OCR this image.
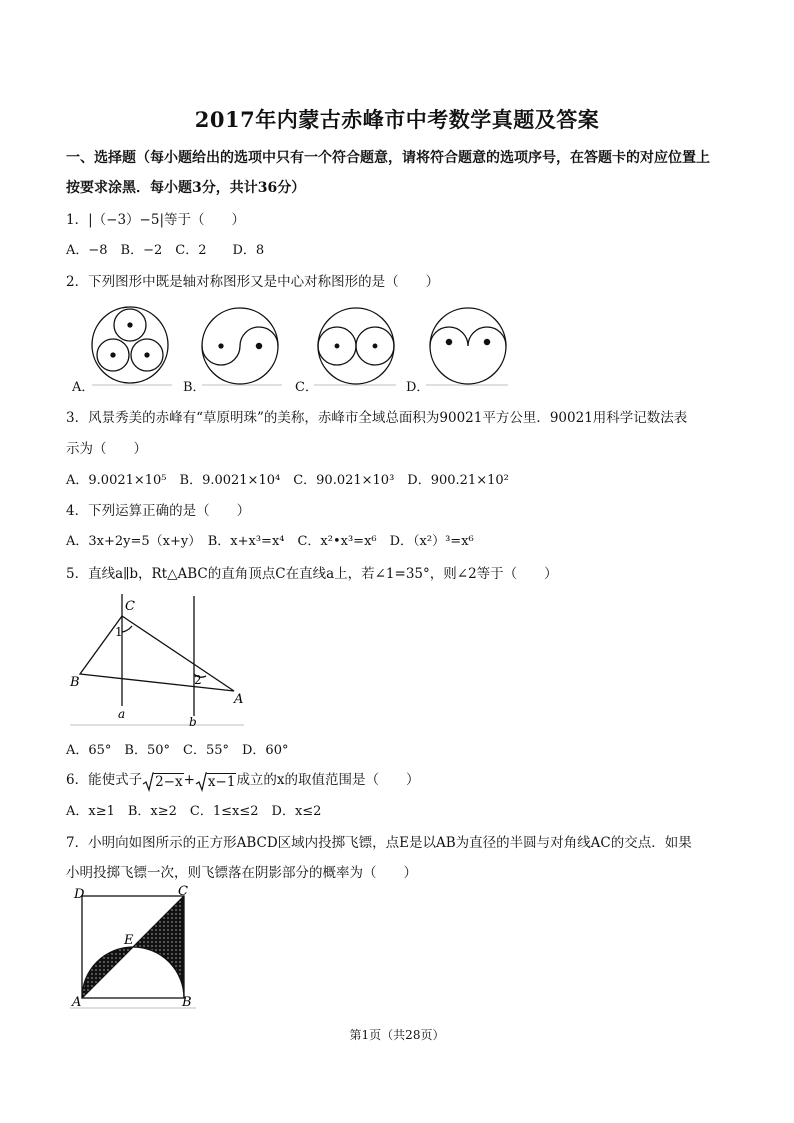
2017年内蒙古赤峰市中考数学真题及答案
一、选择题（每小题给出的选项中只有一个符合题意，请将符合题意的选项序号，在答题卡的对应位置上
按要求涂黑．每小题3分，共计36分）
1．|（−3）−5|等于（　　）
A．−8　B．−2　C．2　　D．8
2．下列图形中既是轴对称图形又是中心对称图形的是（　　）
A．	B．	C．	D．
3．风景秀美的赤峰有“草原明珠”的美称，赤峰市全域总面积为90021平方公里．90021用科学记数法表
示为（　　）
A．9.0021×10⁵　B．9.0021×10⁴　C．90.021×10³　D．900.21×10²
4．下列运算正确的是（　　）
A．3x+2y=5（x+y）　B．x+x³=x⁴　C．x²•x³=x⁶　D．（x²）³=x⁶
5．直线a∥b，Rt△ABC的直角顶点C在直线a上，若∠1=35°，则∠2等于（　　）
C
1
2
B
A
a
b
A．65°　B．50°　C．55°　D．60°
6．能使式子 2−x+ x−1成立的x的取值范围是（　　）
A．x≥1　B．x≥2　C．1≤x≤2　D．x≤2
7．小明向如图所示的正方形ABCD区域内投掷飞镖，点E是以AB为直径的半圆与对角线AC的交点．如果
小明投掷飞镖一次，则飞镖落在阴影部分的概率为（　　）
D	C
E
A	B
第1页（共28页）
